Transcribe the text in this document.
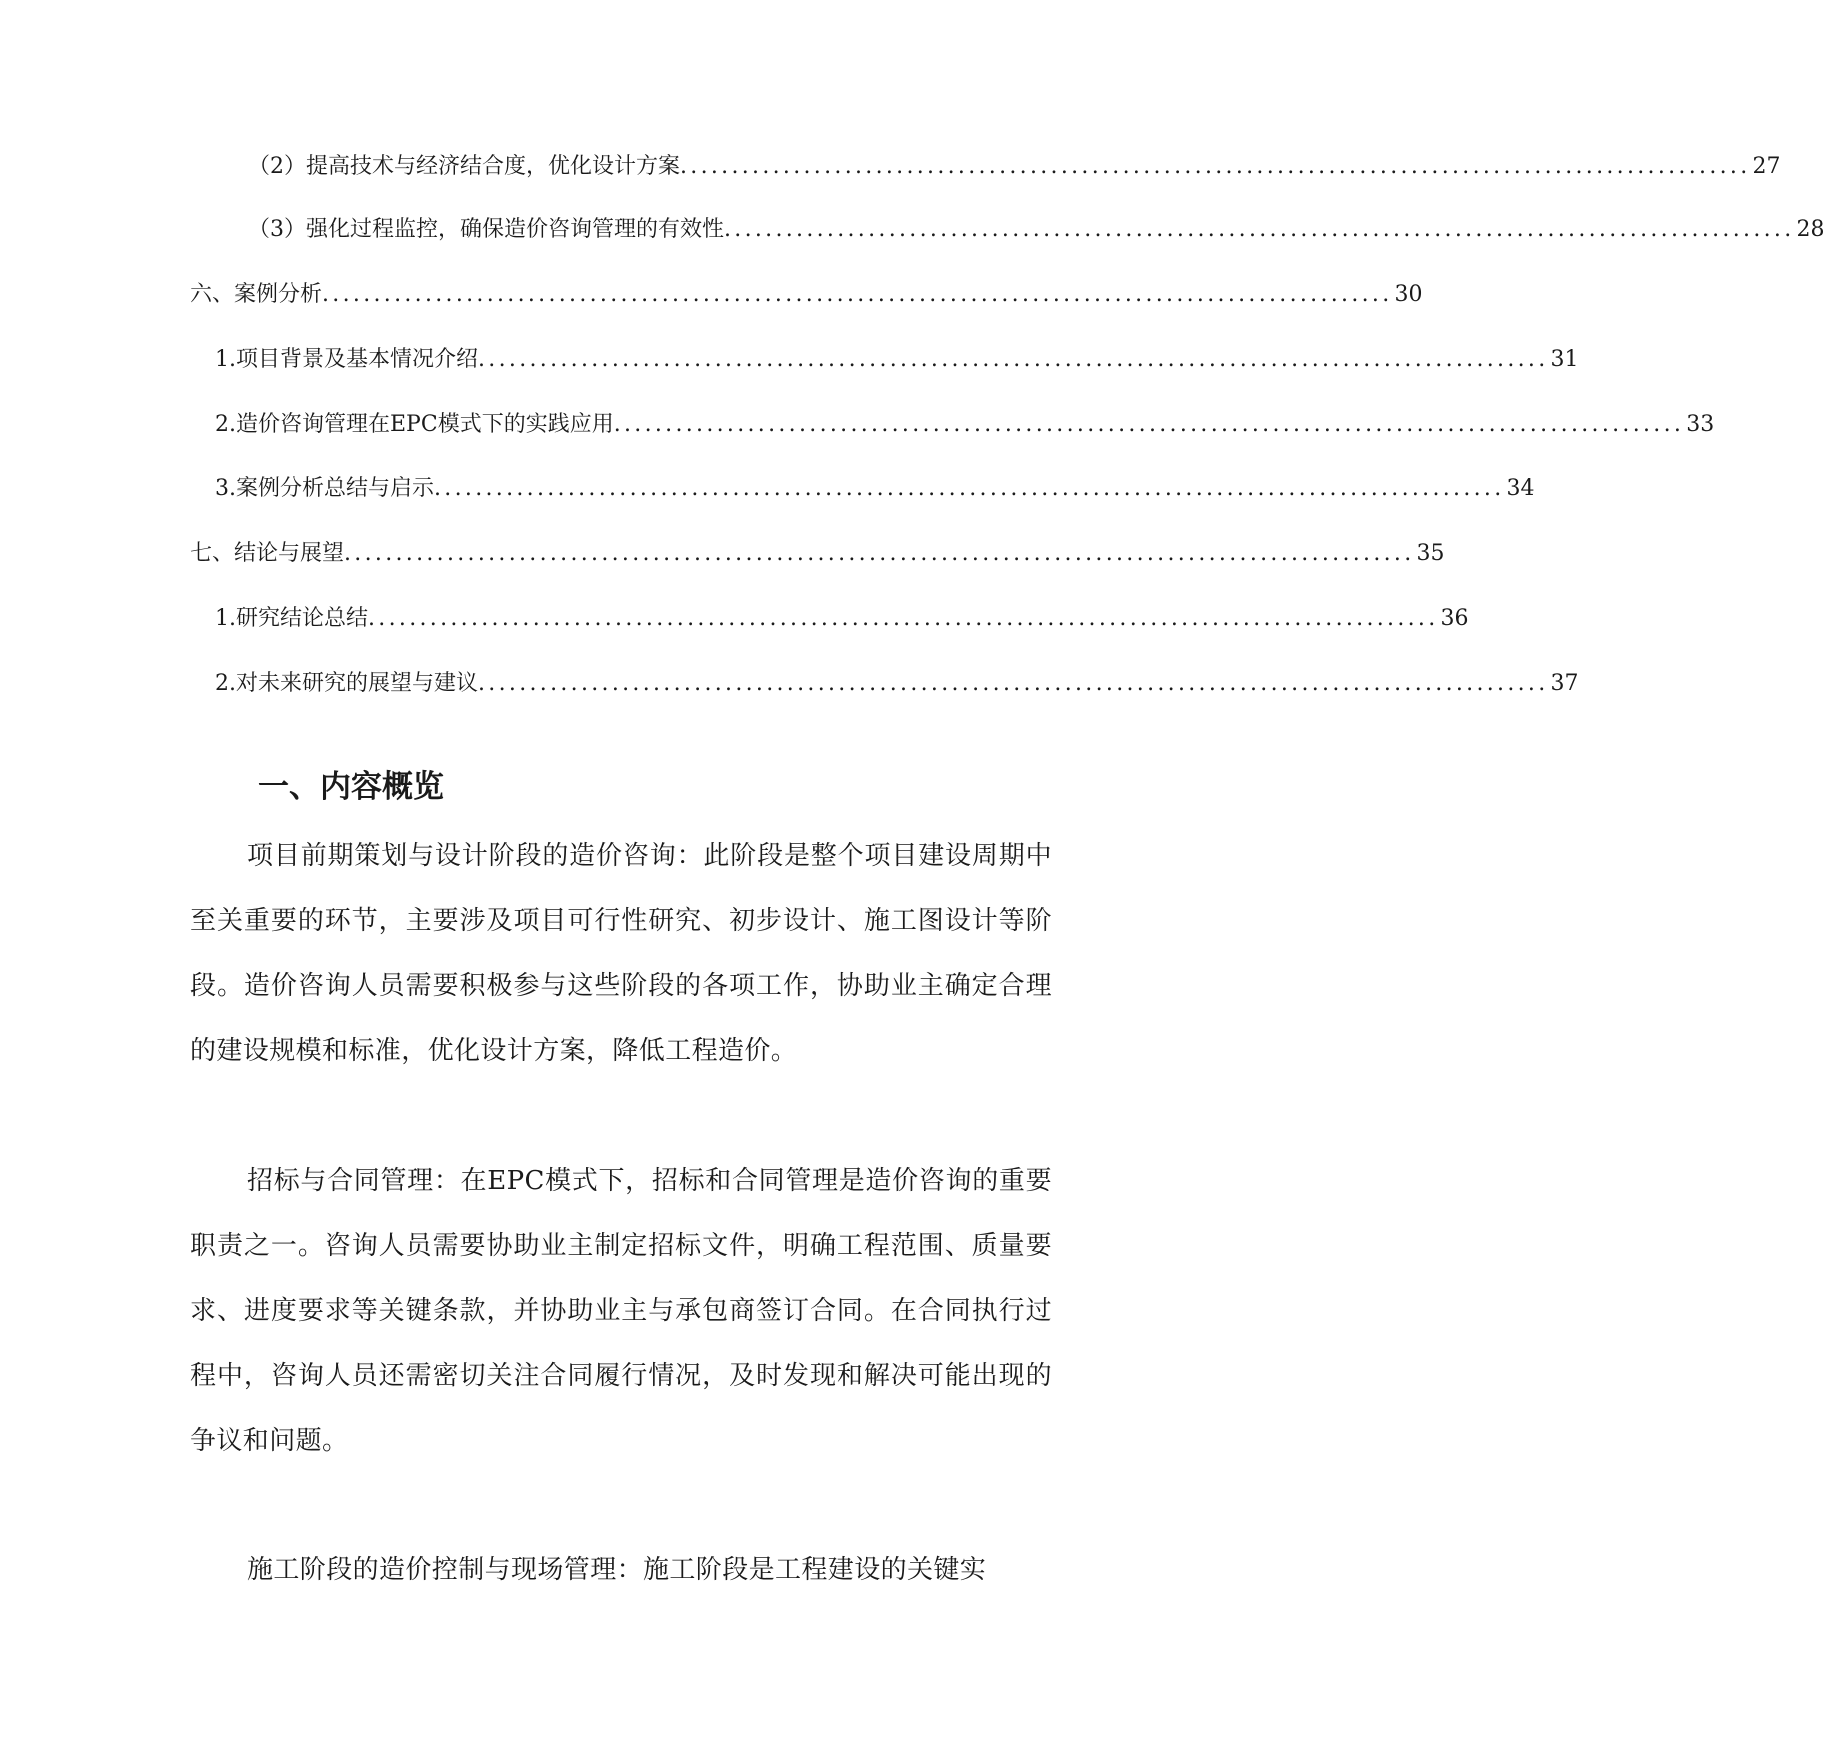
（2）提高技术与经济结合度，优化设计方案 ........................................................................................................ 27
（3）强化过程监控，确保造价咨询管理的有效性 ........................................................................................................ 28
六、案例分析 ........................................................................................................ 30
1. 项目背景及基本情况介绍 ........................................................................................................ 31
2. 造价咨询管理在EPC模式下的实践应用 ........................................................................................................ 33
3. 案例分析总结与启示 ........................................................................................................ 34
七、结论与展望 ........................................................................................................ 35
1. 研究结论总结 ........................................................................................................ 36
2. 对未来研究的展望与建议 ........................................................................................................ 37
一、内容概览

项目前期策划与设计阶段的造价咨询：此阶段是整个项目建设周期中至关重要的环节，主要涉及项目可行性研究、初步设计、施工图设计等阶段。造价咨询人员需要积极参与这些阶段的各项工作，协助业主确定合理的建设规模和标准，优化设计方案，降低工程造价。

招标与合同管理：在EPC模式下，招标和合同管理是造价咨询的重要职责之一。咨询人员需要协助业主制定招标文件，明确工程范围、质量要求、进度要求等关键条款，并协助业主与承包商签订合同。在合同执行过程中，咨询人员还需密切关注合同履行情况，及时发现和解决可能出现的争议和问题。

施工阶段的造价控制与现场管理：施工阶段是工程建设的关键实
